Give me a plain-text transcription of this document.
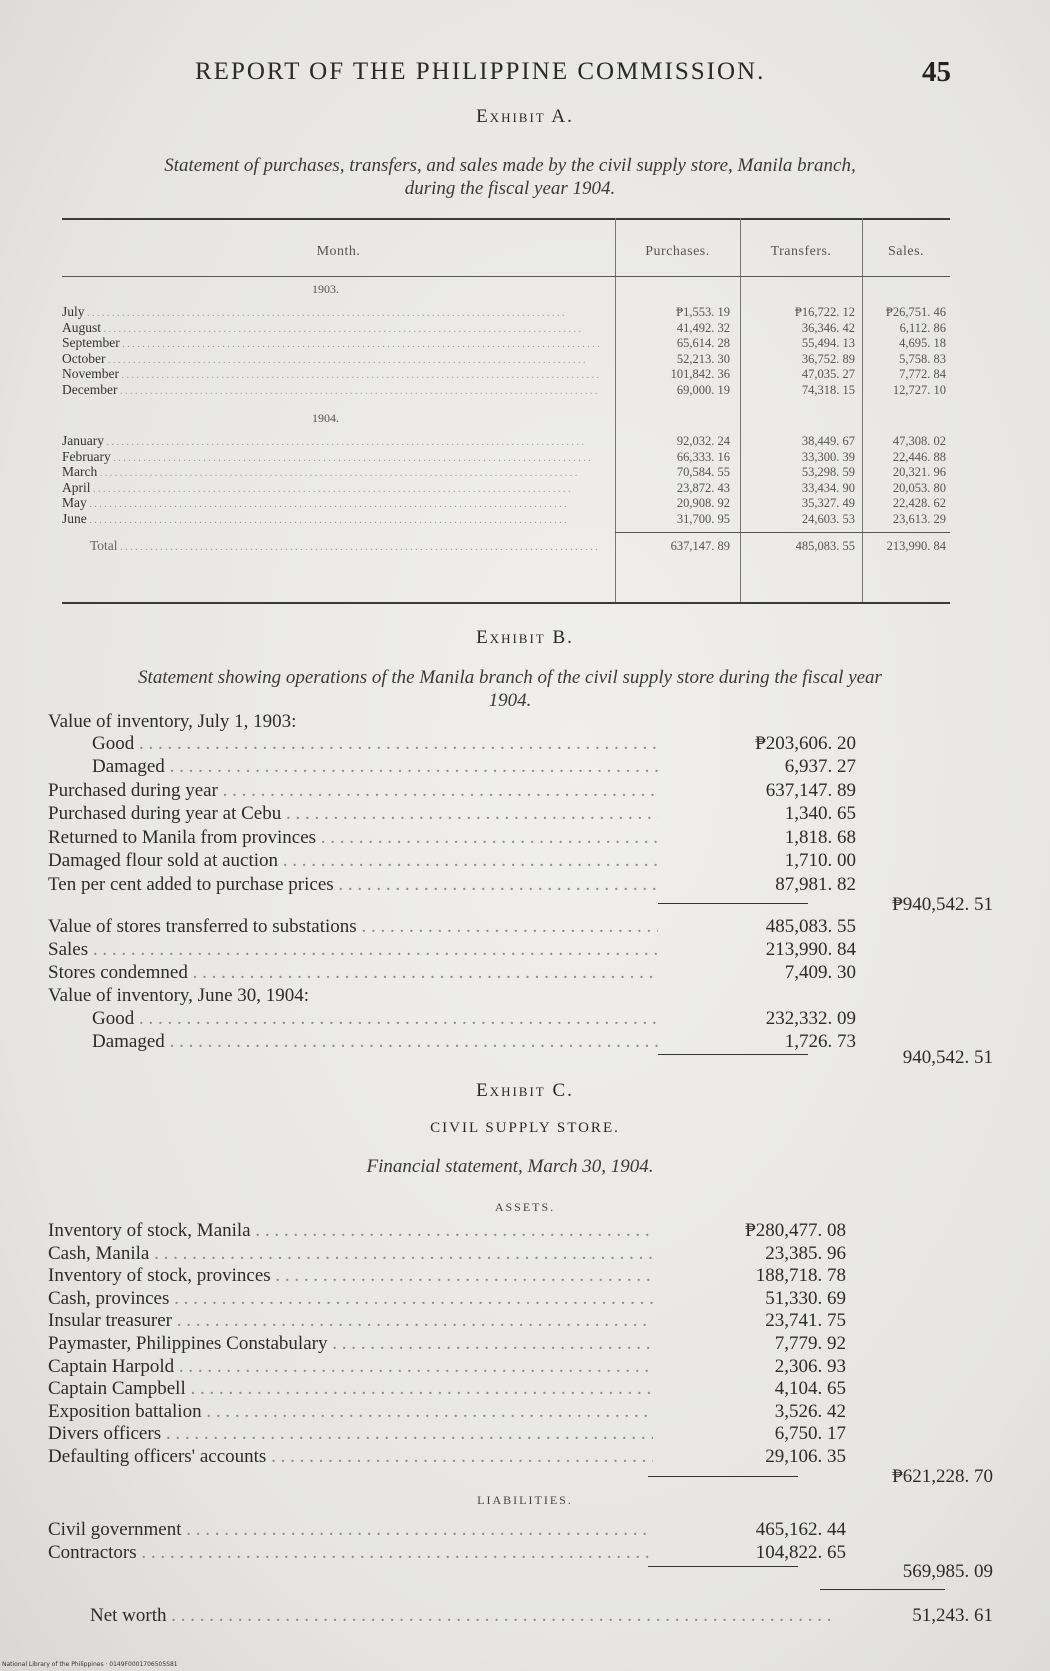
REPORT OF THE PHILIPPINE COMMISSION.	45
Exhibit A.
Statement of purchases, transfers, and sales made by the civil supply store, Manila branch,
during the fiscal year 1904.
Month.	Purchases.	Transfers.	Sales.
1903.
July . . .	₱1,553. 19	₱16,722. 12	₱26,751. 46
August . . .	41,492. 32	36,346. 42	6,112. 86
September . . .	65,614. 28	55,494. 13	4,695. 18
October . . .	52,213. 30	36,752. 89	5,758. 83
November . . .	101,842. 36	47,035. 27	7,772. 84
December . . .	69,000. 19	74,318. 15	12,727. 10
1904.
January . . .	92,032. 24	38,449. 67	47,308. 02
February . . .	66,333. 16	33,300. 39	22,446. 88
March . . .	70,584. 55	53,298. 59	20,321. 96
April . . .	23,872. 43	33,434. 90	20,053. 80
May . . .	20,908. 92	35,327. 49	22,428. 62
June . . .	31,700. 95	24,603. 53	23,613. 29
Total . . .	637,147. 89	485,083. 55	213,990. 84
Exhibit B.
Statement showing operations of the Manila branch of the civil supply store during the fiscal year
1904.
Value of inventory, July 1, 1903:
Good . . .	₱203,606. 20
Damaged . . .	6,937. 27
Purchased during year . . .	637,147. 89
Purchased during year at Cebu . . .	1,340. 65
Returned to Manila from provinces . . .	1,818. 68
Damaged flour sold at auction . . .	1,710. 00
Ten per cent added to purchase prices . . .	87,981. 82
Value of stores transferred to substations . . .	485,083. 55
Sales . . .	213,990. 84
Stores condemned . . .	7,409. 30
Value of inventory, June 30, 1904:
Good . . .	232,332. 09
Damaged . . .	1,726. 73
₱940,542. 51
940,542. 51
Exhibit C.
CIVIL SUPPLY STORE.
Financial statement, March 30, 1904.
ASSETS.
Inventory of stock, Manila . . .	₱280,477. 08
Cash, Manila . . .	23,385. 96
Inventory of stock, provinces . . .	188,718. 78
Cash, provinces . . .	51,330. 69
Insular treasurer . . .	23,741. 75
Paymaster, Philippines Constabulary . . .	7,779. 92
Captain Harpold . . .	2,306. 93
Captain Campbell . . .	4,104. 65
Exposition battalion . . .	3,526. 42
Divers officers . . .	6,750. 17
Defaulting officers' accounts . . .	29,106. 35
₱621,228. 70
LIABILITIES.
Civil government . . .	465,162. 44
Contractors . . .	104,822. 65
569,985. 09
Net worth . . .	51,243. 61
National Library of the Philippines · 0149F0001706505S81
